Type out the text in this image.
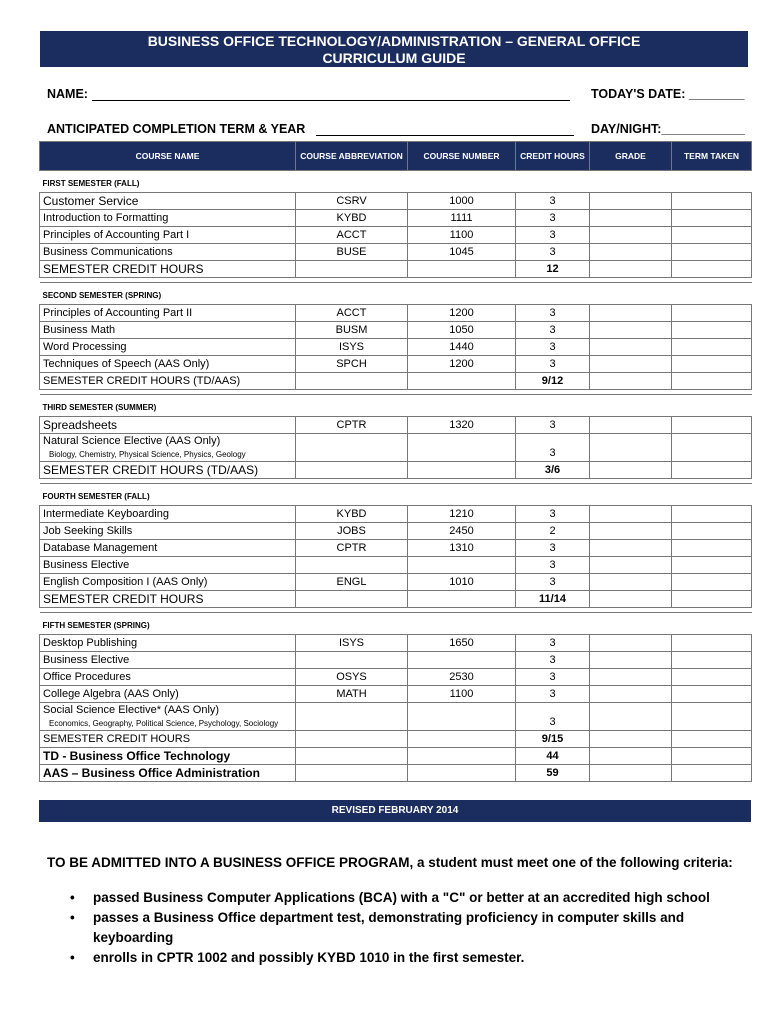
BUSINESS OFFICE TECHNOLOGY/ADMINISTRATION – GENERAL OFFICE
CURRICULUM GUIDE
NAME:	TODAY'S DATE: ________
ANTICIPATED COMPLETION TERM & YEAR	DAY/NIGHT:____________
COURSE NAME	COURSE ABBREVIATION	COURSE NUMBER	CREDIT HOURS	GRADE	TERM TAKEN
FIRST SEMESTER (FALL)					
Customer Service	CSRV	1000	3		
Introduction to Formatting	KYBD	1111	3		
Principles of Accounting Part I	ACCT	1100	3		
Business Communications	BUSE	1045	3		
SEMESTER CREDIT HOURS			12		

SECOND SEMESTER (SPRING)					
Principles of Accounting Part II	ACCT	1200	3		
Business Math	BUSM	1050	3		
Word Processing	ISYS	1440	3		
Techniques of Speech (AAS Only)	SPCH	1200	3		
SEMESTER CREDIT HOURS (TD/AAS)			9/12		

THIRD SEMESTER (SUMMER)					
Spreadsheets	CPTR	1320	3		
Natural Science Elective (AAS Only)
Biology, Chemistry, Physical Science, Physics, Geology			3		
SEMESTER CREDIT HOURS (TD/AAS)			3/6		

FOURTH SEMESTER (FALL)					
Intermediate Keyboarding	KYBD	1210	3		
Job Seeking Skills	JOBS	2450	2		
Database Management	CPTR	1310	3		
Business Elective			3		
English Composition I (AAS Only)	ENGL	1010	3		
SEMESTER CREDIT HOURS			11/14		

FIFTH SEMESTER (SPRING)					
Desktop Publishing	ISYS	1650	3		
Business Elective			3		
Office Procedures	OSYS	2530	3		
College Algebra (AAS Only)	MATH	1100	3		
Social Science Elective* (AAS Only)
Economics, Geography, Political Science, Psychology, Sociology			3		
SEMESTER CREDIT HOURS			9/15		
TD - Business Office Technology			44		
AAS – Business Office Administration			59		
REVISED FEBRUARY 2014
TO BE ADMITTED INTO A BUSINESS OFFICE PROGRAM, a student must meet one of the following criteria:
• passed Business Computer Applications (BCA) with a "C" or better at an accredited high school
• passes a Business Office department test, demonstrating proficiency in computer skills and keyboarding
• enrolls in CPTR 1002 and possibly KYBD 1010 in the first semester.
